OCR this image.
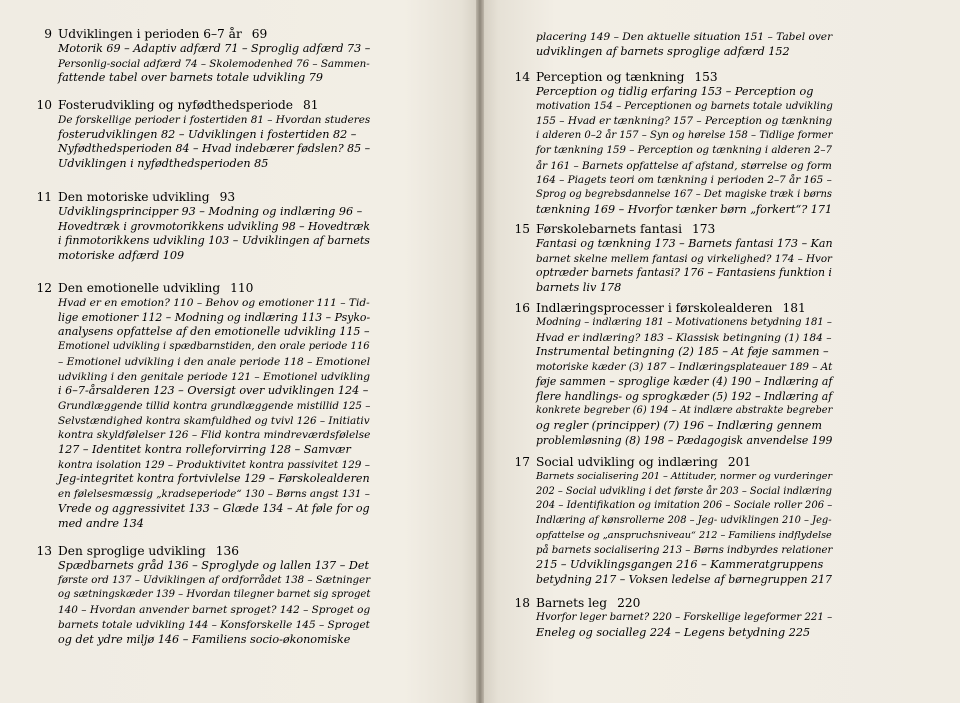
9 Udviklingen i perioden 6–7 år 69
Motorik 69 – Adaptiv adfærd 71 – Sproglig adfærd 73 –
Personlig-social adfærd 74 – Skolemodenhed 76 – Sammen-
fattende tabel over barnets totale udvikling 79
10 Fosterudvikling og nyfødthedsperiode 81
De forskellige perioder i fostertiden 81 – Hvordan studeres
fosterudviklingen 82 – Udviklingen i fostertiden 82 –
Nyfødthedsperioden 84 – Hvad indebærer fødslen? 85 –
Udviklingen i nyfødthedsperioden 85
11 Den motoriske udvikling 93
Udviklingsprincipper 93 – Modning og indlæring 96 –
Hovedtræk i grovmotorikkens udvikling 98 – Hovedtræk
i finmotorikkens udvikling 103 – Udviklingen af barnets
motoriske adfærd 109
12 Den emotionelle udvikling 110
Hvad er en emotion? 110 – Behov og emotioner 111 – Tid-
lige emotioner 112 – Modning og indlæring 113 – Psyko-
analysens opfattelse af den emotionelle udvikling 115 –
Emotionel udvikling i spædbarnstiden, den orale periode 116
– Emotionel udvikling i den anale periode 118 – Emotionel
udvikling i den genitale periode 121 – Emotionel udvikling
i 6–7-årsalderen 123 – Oversigt over udviklingen 124 –
Grundlæggende tillid kontra grundlæggende mistillid 125 –
Selvstændighed kontra skamfuldhed og tvivl 126 – Initiativ
kontra skyldfølelser 126 – Flid kontra mindreværdsfølelse
127 – Identitet kontra rolleforvirring 128 – Samvær
kontra isolation 129 – Produktivitet kontra passivitet 129 –
Jeg-integritet kontra fortvivlelse 129 – Førskolealderen
en følelsesmæssig „kradseperiode“ 130 – Børns angst 131 –
Vrede og aggressivitet 133 – Glæde 134 – At føle for og
med andre 134
13 Den sproglige udvikling 136
Spædbarnets gråd 136 – Sproglyde og lallen 137 – Det
første ord 137 – Udviklingen af ordforrådet 138 – Sætninger
og sætningskæder 139 – Hvordan tilegner barnet sig sproget
140 – Hvordan anvender barnet sproget? 142 – Sproget og
barnets totale udvikling 144 – Konsforskelle 145 – Sproget
og det ydre miljø 146 – Familiens socio-økonomiske
placering 149 – Den aktuelle situation 151 – Tabel over
udviklingen af barnets sproglige adfærd 152
14 Perception og tænkning 153
Perception og tidlig erfaring 153 – Perception og
motivation 154 – Perceptionen og barnets totale udvikling
155 – Hvad er tænkning? 157 – Perception og tænkning
i alderen 0–2 år 157 – Syn og hørelse 158 – Tidlige former
for tænkning 159 – Perception og tænkning i alderen 2–7
år 161 – Barnets opfattelse af afstand, størrelse og form
164 – Piagets teori om tænkning i perioden 2–7 år 165 –
Sprog og begrebsdannelse 167 – Det magiske træk i børns
tænkning 169 – Hvorfor tænker børn „forkert“? 171
15 Førskolebarnets fantasi 173
Fantasi og tænkning 173 – Barnets fantasi 173 – Kan
barnet skelne mellem fantasi og virkelighed? 174 – Hvor
optræder barnets fantasi? 176 – Fantasiens funktion i
barnets liv 178
16 Indlæringsprocesser i førskolealderen 181
Modning – indlæring 181 – Motivationens betydning 181 –
Hvad er indlæring? 183 – Klassisk betingning (1) 184 –
Instrumental betingning (2) 185 – At føje sammen –
motoriske kæder (3) 187 – Indlæringsplateauer 189 – At
føje sammen – sproglige kæder (4) 190 – Indlæring af
flere handlings- og sprogkæder (5) 192 – Indlæring af
konkrete begreber (6) 194 – At indlære abstrakte begreber
og regler (principper) (7) 196 – Indlæring gennem
problemløsning (8) 198 – Pædagogisk anvendelse 199
17 Social udvikling og indlæring 201
Barnets socialisering 201 – Attituder, normer og vurderinger
202 – Social udvikling i det første år 203 – Social indlæring
204 – Identifikation og imitation 206 – Sociale roller 206 –
Indlæring af kønsrollerne 208 – Jeg- udviklingen 210 – Jeg-
opfattelse og „anspruchsniveau“ 212 – Familiens indflydelse
på barnets socialisering 213 – Børns indbyrdes relationer
215 – Udviklingsgangen 216 – Kammeratgruppens
betydning 217 – Voksen ledelse af børnegruppen 217
18 Barnets leg 220
Hvorfor leger barnet? 220 – Forskellige legeformer 221 –
Eneleg og socialleg 224 – Legens betydning 225
